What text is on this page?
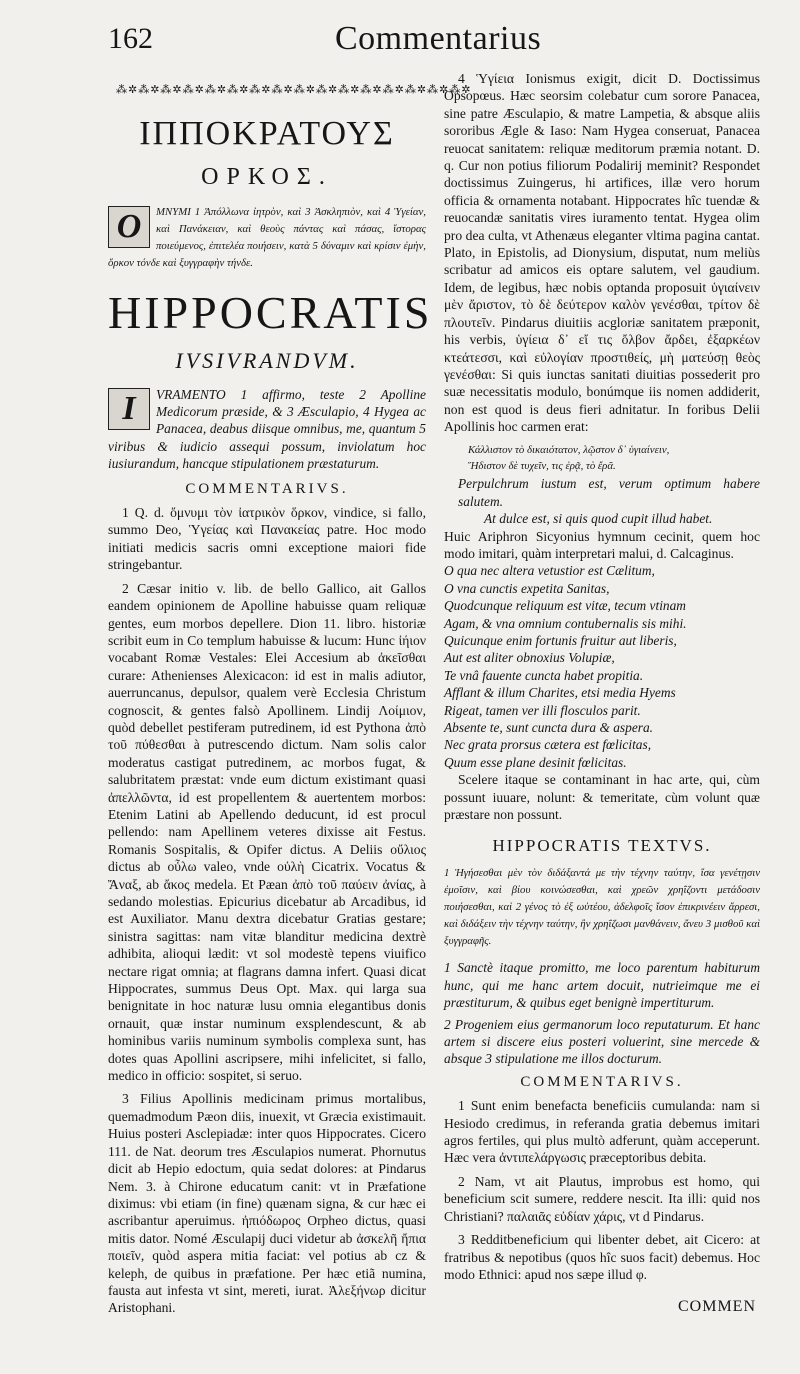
162	Commentarius
⁂✲⁂✲⁂✲⁂✲⁂✲⁂✲⁂✲⁂✲⁂✲⁂✲⁂✲⁂✲⁂✲⁂✲⁂✲⁂✲
ΙΠΠΟΚΡΑΤΟΥΣ
ΟΡΚΟΣ.
Ο ΜΝΥΜΙ 1 Ἀπόλλωνα ἰητρὸν, καὶ 3 Ἀσκληπιὸν, καὶ 4 Ὑγείαν, καὶ Πανάκειαν, καὶ θεοὺς πάντας καὶ πάσας, ἵστορας ποιεύμενος, ἐπιτελέα ποιήσειν, κατὰ 5 δύναμιν καὶ κρίσιν ἐμὴν, ὅρκον τόνδε καὶ ξυγγραφὴν τήνδε.
HIPPOCRATIS
IVSIVRANDVM.
I VRAMENTO 1 affirmo, teste 2 Apolline Medicorum præside, & 3 Æsculapio, 4 Hygea ac Panacea, deabus diisque omnibus, me, quantum 5 viribus & iudicio assequi possum, inviolatum hoc iusiurandum, hancque stipulationem præstaturum.
COMMENTARIVS.

1 Q. d. ὄμνυμι τὸν ἰατρικὸν ὅρκον, vindice, si fallo, summo Deo, Ὑγείας καὶ Πανακείας patre. Hoc modo initiati medicis sacris omni exceptione maiori fide stringebantur.

2 Cæsar initio v. lib. de bello Gallico, ait Gallos eandem opinionem de Apolline habuisse quam reliquæ gentes, eum morbos depellere. Dion 11. libro. historiæ scribit eum in Co templum habuisse & lucum: Hunc ἰήιον vocabant Romæ Vestales: Elei Accesium ab ἀκεῖσθαι curare: Athenienses Alexicacon: id est in malis adiutor, auerruncanus, depulsor, qualem verè Ecclesia Christum cognoscit, & gentes falsò Apollinem. Lindij Λοίμιον, quòd debellet pestiferam putredinem, id est Pythona ἀπὸ τοῦ πύθεσθαι à putrescendo dictum. Nam solis calor moderatus castigat putredinem, ac morbos fugat, & salubritatem præstat: vnde eum dictum existimant quasi ἀπελλῶντα, id est propellentem & auertentem morbos: Etenim Latini ab Apellendo deducunt, id est procul pellendo: nam Apellinem veteres dixisse ait Festus. Romanis Sospitalis, & Opifer dictus. A Deliis οὔλιος dictus ab οὖλω valeo, vnde οὐλὴ Cicatrix. Vocatus & Ἄναξ, ab ἄκος medela. Et Pæan ἀπὸ τοῦ παύειν ἀνίας, à sedando molestias. Epicurius dicebatur ab Arcadibus, id est Auxiliator. Manu dextra dicebatur Gratias gestare; sinistra sagittas: nam vitæ blanditur medicina dextrè adhibita, alioqui lædit: vt sol modestè tepens viuifico nectare rigat omnia; at flagrans damna infert. Quasi dicat Hippocrates, summus Deus Opt. Max. qui larga sua benignitate in hoc naturæ lusu omnia elegantibus donis ornauit, quæ instar numinum exsplendescunt, & ab hominibus variis numinum symbolis complexa sunt, has dotes quas Apollini ascripsere, mihi infelicitet, si fallo, medico in officio: sospitet, si seruo.

3 Filius Apollinis medicinam primus mortalibus, quemadmodum Pæon diis, inuexit, vt Græcia existimauit. Huius posteri Asclepiadæ: inter quos Hippocrates. Cicero 111. de Nat. deorum tres Æsculapios numerat. Phornutus dicit ab Hepio edoctum, quia sedat dolores: at Pindarus Nem. 3. à Chirone educatum canit: vt in Præfatione diximus: vbi etiam (in fine) quænam signa, & cur hæc ei ascribantur aperuimus. ἠπιόδωρος Orpheo dictus, quasi mitis dator. Nomé Æsculapij duci videtur ab ἀσκελῆ ἤπια ποιεῖν, quòd aspera mitia faciat: vel potius ab cz & keleph, de quibus in præfatione. Per hæc etiã numina, fausta aut infesta vt sint, mereti, iurat. Ἀλεξήνωρ dicitur Aristophani.

4 Ὑγίεια Ionismus exigit, dicit D. Doctissimus Opsopœus. Hæc seorsim colebatur cum sorore Panacea, sine patre Æsculapio, & matre Lampetia, & absque aliis sororibus Ægle & Iaso: Nam Hygea conseruat, Panacea reuocat sanitatem: reliquæ meditorum præmia notant. D. q. Cur non potius filiorum Podalirij meminit? Respondet doctissimus Zuingerus, hi artifices, illæ vero horum officia & ornamenta notabant. Hippocrates hîc tuendæ & reuocandæ sanitatis vires iuramento tentat. Hygea olim pro dea culta, vt Athenæus eleganter vltima pagina cantat. Plato, in Epistolis, ad Dionysium, disputat, num meliùs scribatur ad amicos eis optare salutem, vel gaudium. Idem, de legibus, hæc nobis optanda proposuit ὑγιαίνειν μὲν ἄριστον, τὸ δὲ δεύτερον καλὸν γενέσθαι, τρίτον δὲ πλουτεῖν. Pindarus diuitiis acgloriæ sanitatem præponit, his verbis, ὑγίεια δ᾽ εἴ τις ὄλβον ἄρδει, ἐξαρκέων κτεάτεσσι, καὶ εὐλογίαν προστιθείς, μὴ ματεύσῃ θεὸς γενέσθαι: Si quis iunctas sanitati diuitias possederit pro suæ necessitatis modulo, bonúmque iis nomen addiderit, non est quod is deus fieri adnitatur. In foribus Delii Apollinis hoc carmen erat:

Κάλλιστον τὸ δικαιότατον, λῷστον δ᾽ ὑγιαίνειν,
Ἥδιστον δὲ τυχεῖν, τις ἐρᾷ, τὸ ἔρᾶ.
Perpulchrum iustum est, verum optimum habere salutem.
At dulce est, si quis quod cupit illud habet.

Huic Ariphron Sicyonius hymnum cecinit, quem hoc modo imitari, quàm interpretari malui, d. Calcaginus.

O qua nec altera vetustior est Cælitum,
O vna cunctis expetita Sanitas,
Quodcunque reliquum est vitæ, tecum vtinam
Agam, & vna omnium contubernalis sis mihi.
Quicunque enim fortunis fruitur aut liberis,
Aut est aliter obnoxius Volupiæ,
Te vnâ fauente cuncta habet propitia.
Afflant & illum Charites, etsi media Hyems
Rigeat, tamen ver illi flosculos parit.
Absente te, sunt cuncta dura & aspera.
Nec grata prorsus cætera est fœlicitas,
Quum esse plane desinit fœlicitas.

Scelere itaque se contaminant in hac arte, qui, cùm possunt iuuare, nolunt: & temeritate, cùm volunt quæ præstare non possunt.

HIPPOCRATIS TEXTVS.
1 Ἡγήσεσθαι μὲν τὸν διδάξαντά με τὴν τέχνην ταύτην, ἴσα γενέτῃσιν ἐμοῖσιν, καὶ βίου κοινώσεσθαι, καὶ χρεῶν χρηΐζοντι μετάδοσιν ποιήσεσθαι, καὶ 2 γένος τὸ ἐξ ωὐτέου, ἀδελφοῖς ἴσον ἐπικρινέειν ἄρρεσι, καὶ διδάξειν τὴν τέχνην ταύτην, ἢν χρηΐζωσι μανθάνειν, ἄνευ 3 μισθοῦ καὶ ξυγγραφῆς.
1 Sanctè itaque promitto, me loco parentum habiturum hunc, qui me hanc artem docuit, nutrieimque me ei præstiturum, & quibus eget benignè impertiturum.
2 Progeniem eius germanorum loco reputaturum. Et hanc artem si discere eius posteri voluerint, sine mercede & absque 3 stipulatione me illos docturum.
COMMENTARIVS.

1 Sunt enim benefacta beneficiis cumulanda: nam si Hesiodo credimus, in referanda gratia debemus imitari agros fertiles, qui plus multò adferunt, quàm acceperunt. Hæc vera ἀντιπελάργωσις præceptoribus debita.

2 Nam, vt ait Plautus, improbus est homo, qui beneficium scit sumere, reddere nescit. Ita illi: quid nos Christiani? παλαιᾶς εὐδίαν χάρις, vt d Pindarus.

3 Redditbeneficium qui libenter debet, ait Cicero: at fratribus & nepotibus (quos hîc suos facit) debemus. Hoc modo Ethnici: apud nos sæpe illud φ.

COMMEN
